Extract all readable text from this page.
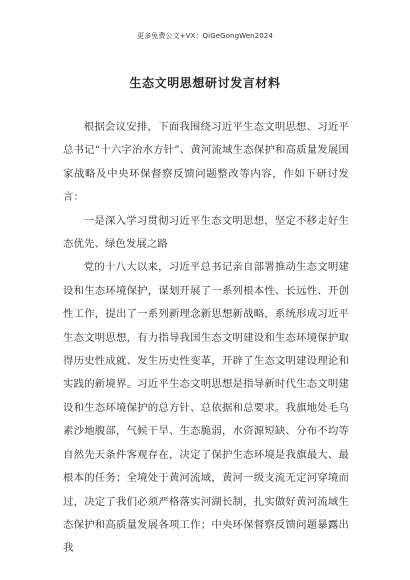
更多免费公文+VX：QiGeGongWen2024
生态文明思想研讨发言材料

根据会议安排，下面我围绕习近平生态文明思想、习近平总书记“十六字治水方针”、黄河流域生态保护和高质量发展国家战略及中央环保督察反馈问题整改等内容，作如下研讨发言：

一是深入学习贯彻习近平生态文明思想，坚定不移走好生态优先、绿色发展之路

党的十八大以来，习近平总书记亲自部署推动生态文明建设和生态环境保护，谋划开展了一系列根本性、长远性、开创性工作，提出了一系列新理念新思想新战略，系统形成习近平生态文明思想，有力指导我国生态文明建设和生态环境保护取得历史性成就、发生历史性变革，开辟了生态文明建设理论和实践的新境界。习近平生态文明思想是指导新时代生态文明建设和生态环境保护的总方针、总依据和总要求。我旗地处毛乌素沙地腹部，气候干旱、生态脆弱，水资源短缺、分布不均等自然先天条件客观存在，决定了保护生态环境是我旗最大、最根本的任务；全境处于黄河流域，黄河一级支流无定河穿境而过，决定了我们必须严格落实河湖长制，扎实做好黄河流域生态保护和高质量发展各项工作；中央环保督察反馈问题暴露出我
